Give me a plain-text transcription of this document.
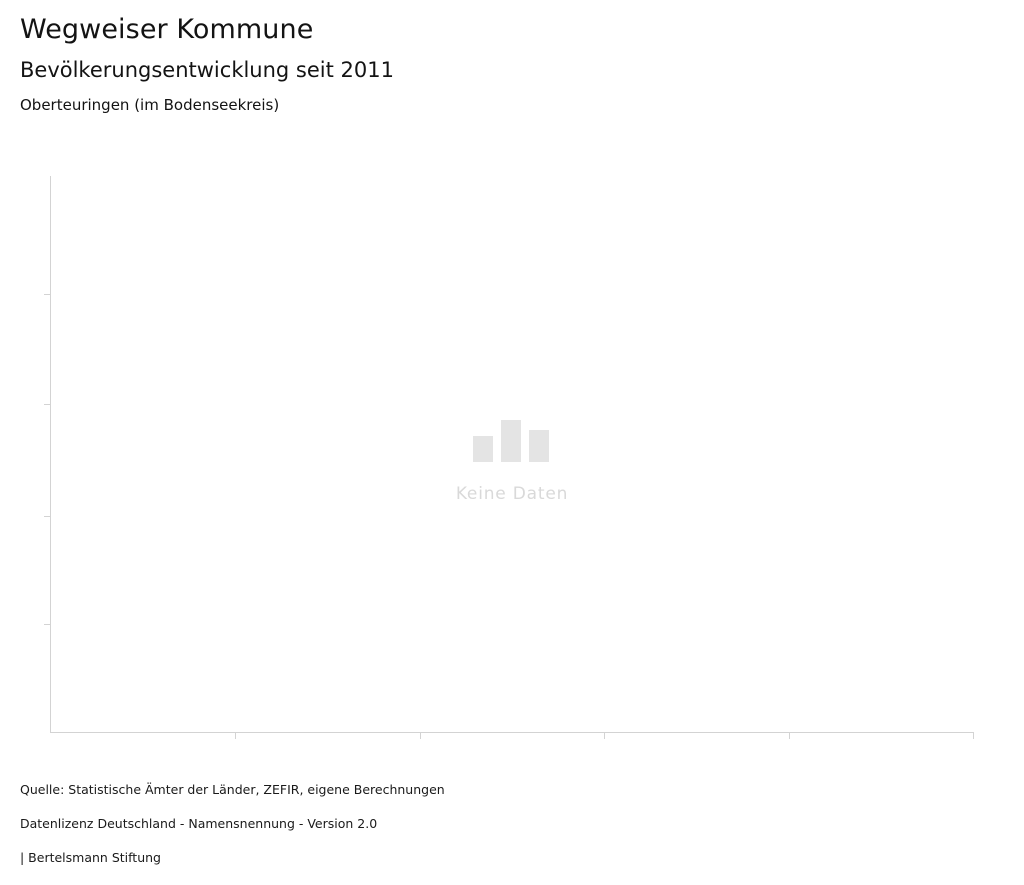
Wegweiser Kommune
Bevölkerungsentwicklung seit 2011
Oberteuringen (im Bodenseekreis)
Keine Daten

Quelle: Statistische Ämter der Länder, ZEFIR, eigene Berechnungen

Datenlizenz Deutschland - Namensnennung - Version 2.0

| Bertelsmann Stiftung
